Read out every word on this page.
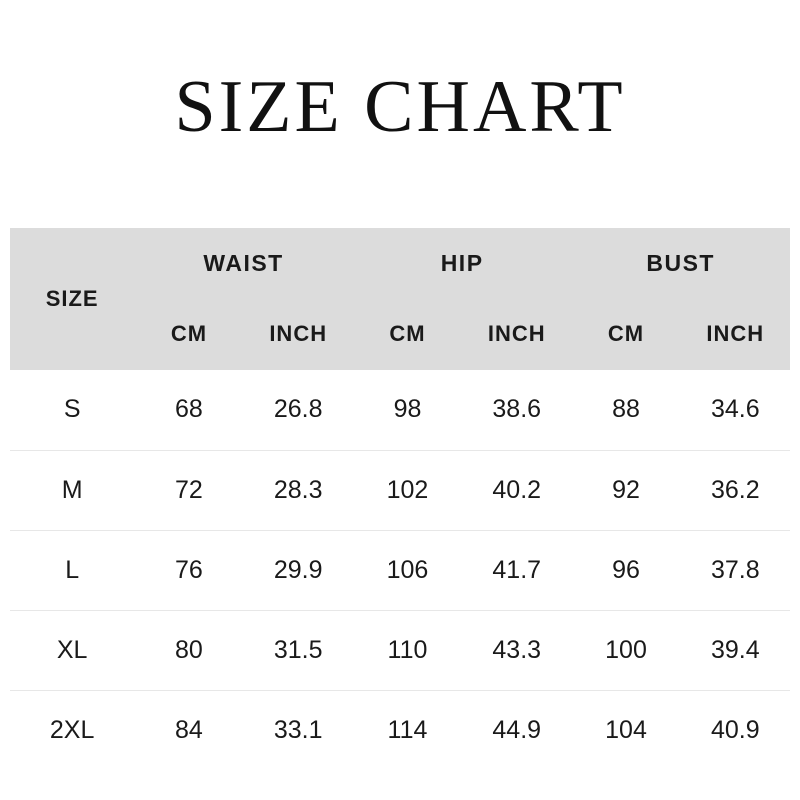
SIZE CHART
SIZE	WAIST		HIP		BUST	
	CM	INCH	CM	INCH	CM	INCH
S	68	26.8	98	38.6	88	34.6
M	72	28.3	102	40.2	92	36.2
L	76	29.9	106	41.7	96	37.8
XL	80	31.5	110	43.3	100	39.4
2XL	84	33.1	114	44.9	104	40.9
